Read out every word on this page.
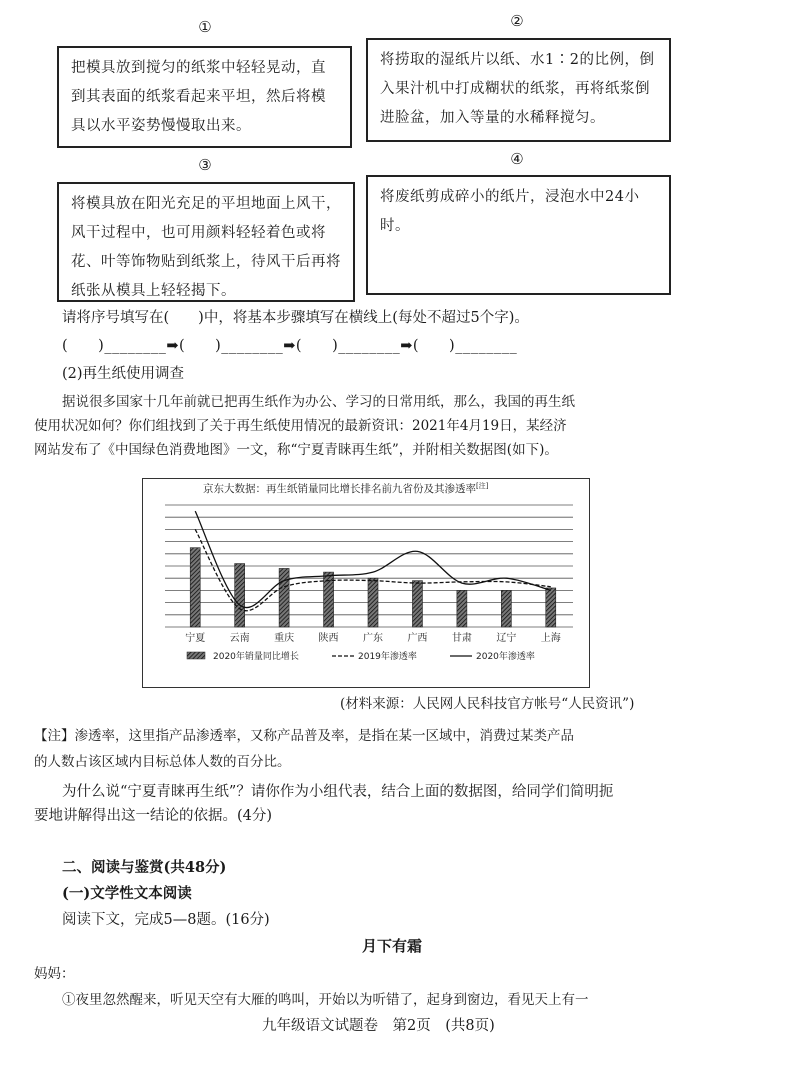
①	②
把模具放到搅匀的纸浆中轻轻晃动，直到其表面的纸浆看起来平坦，然后将模具以水平姿势慢慢取出来。
将捞取的湿纸片以纸、水1∶2的比例，倒入果汁机中打成糊状的纸浆，再将纸浆倒进脸盆，加入等量的水稀释搅匀。
③	④
将模具放在阳光充足的平坦地面上风干，风干过程中，也可用颜料轻轻着色或将花、叶等饰物贴到纸浆上，待风干后再将纸张从模具上轻轻揭下。
将废纸剪成碎小的纸片，浸泡水中24小时。
请将序号填写在(　　)中，将基本步骤填写在横线上(每处不超过5个字)。
(　　)________➡(　　)________➡(　　)________➡(　　)________
(2)再生纸使用调查
据说很多国家十几年前就已把再生纸作为办公、学习的日常用纸，那么，我国的再生纸
使用状况如何？你们组找到了关于再生纸使用情况的最新资讯：2021年4月19日，某经济
网站发布了《中国绿色消费地图》一文，称“宁夏青睐再生纸”，并附相关数据图(如下)。
京东大数据：再生纸销量同比增长排名前九省份及其渗透率[注]
宁夏 云南 重庆 陕西 广东 广西 甘肃 辽宁 上海
2020年销量同比增长	2019年渗透率	2020年渗透率
(材料来源：人民网人民科技官方帐号“人民资讯”)
【注】渗透率，这里指产品渗透率，又称产品普及率，是指在某一区域中，消费过某类产品
的人数占该区域内目标总体人数的百分比。
为什么说“宁夏青睐再生纸”？请你作为小组代表，结合上面的数据图，给同学们简明扼
要地讲解得出这一结论的依据。(4分)
二、阅读与鉴赏(共48分)
(一)文学性文本阅读
阅读下文，完成5—8题。(16分)
月下有霜
妈妈：
①夜里忽然醒来，听见天空有大雁的鸣叫，开始以为听错了，起身到窗边，看见天上有一
九年级语文试题卷　第2页　(共8页)
